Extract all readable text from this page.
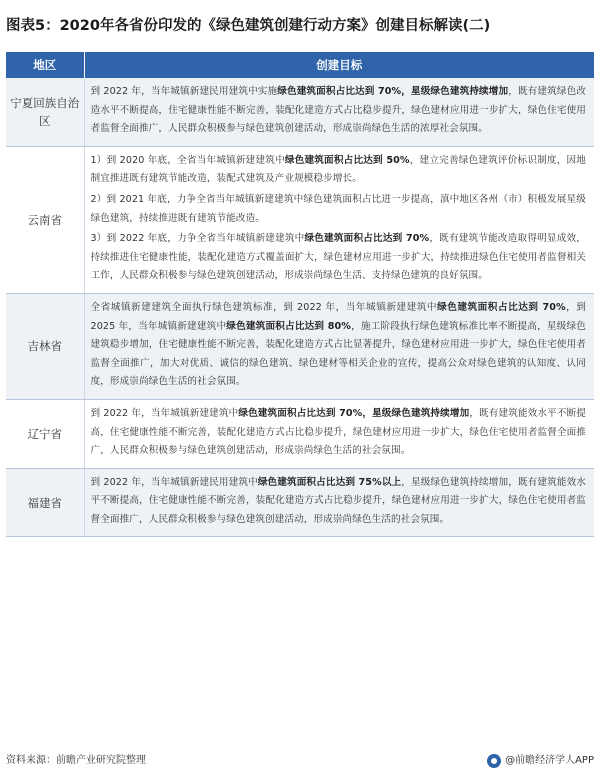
图表5：2020年各省份印发的《绿色建筑创建行动方案》创建目标解读(二)
地区	创建目标
宁夏回族自治区	到 2022 年，当年城镇新建民用建筑中实施绿色建筑面积占比达到 70%，星级绿色建筑持续增加，既有建筑绿色改造水平不断提高，住宅健康性能不断完善，装配化建造方式占比稳步提升，绿色建材应用进一步扩大，绿色住宅使用者监督全面推广，人民群众积极参与绿色建筑创建活动，形成崇尚绿色生活的浓厚社会氛围。

云南省	1）到 2020 年底，全省当年城镇新建建筑中绿色建筑面积占比达到 50%，建立完善绿色建筑评价标识制度，因地制宜推进既有建筑节能改造，装配式建筑及产业规模稳步增长。

2）到 2021 年底，力争全省当年城镇新建建筑中绿色建筑面积占比进一步提高，滇中地区各州（市）积极发展星级绿色建筑，持续推进既有建筑节能改造。

3）到 2022 年底，力争全省当年城镇新建建筑中绿色建筑面积占比达到 70%，既有建筑节能改造取得明显成效，持续推进住宅健康性能，装配化建造方式覆盖面扩大，绿色建材应用进一步扩大，持续推进绿色住宅使用者监督相关工作，人民群众积极参与绿色建筑创建活动，形成崇尚绿色生活、支持绿色建筑的良好氛围。

吉林省	全省城镇新建建筑全面执行绿色建筑标准，到 2022 年，当年城镇新建建筑中绿色建筑面积占比达到 70%，到 2025 年，当年城镇新建建筑中绿色建筑面积占比达到 80%，施工阶段执行绿色建筑标准比率不断提高，星级绿色建筑稳步增加，住宅健康性能不断完善，装配化建造方式占比显著提升，绿色建材应用进一步扩大，绿色住宅使用者监督全面推广，加大对优质、诚信的绿色建筑、绿色建材等相关企业的宣传，提高公众对绿色建筑的认知度、认同度，形成崇尚绿色生活的社会氛围。

辽宁省	到 2022 年，当年城镇新建建筑中绿色建筑面积占比达到 70%，星级绿色建筑持续增加，既有建筑能效水平不断提高，住宅健康性能不断完善，装配化建造方式占比稳步提升，绿色建材应用进一步扩大，绿色住宅使用者监督全面推广，人民群众积极参与绿色建筑创建活动，形成崇尚绿色生活的社会氛围。

福建省	到 2022 年，当年城镇新建民用建筑中绿色建筑面积占比达到 75%以上，星级绿色建筑持续增加，既有建筑能效水平不断提高，住宅健康性能不断完善，装配化建造方式占比稳步提升，绿色建材应用进一步扩大，绿色住宅使用者监督全面推广，人民群众积极参与绿色建筑创建活动，形成崇尚绿色生活的社会氛围。

资料来源：前瞻产业研究院整理	@前瞻经济学人APP
